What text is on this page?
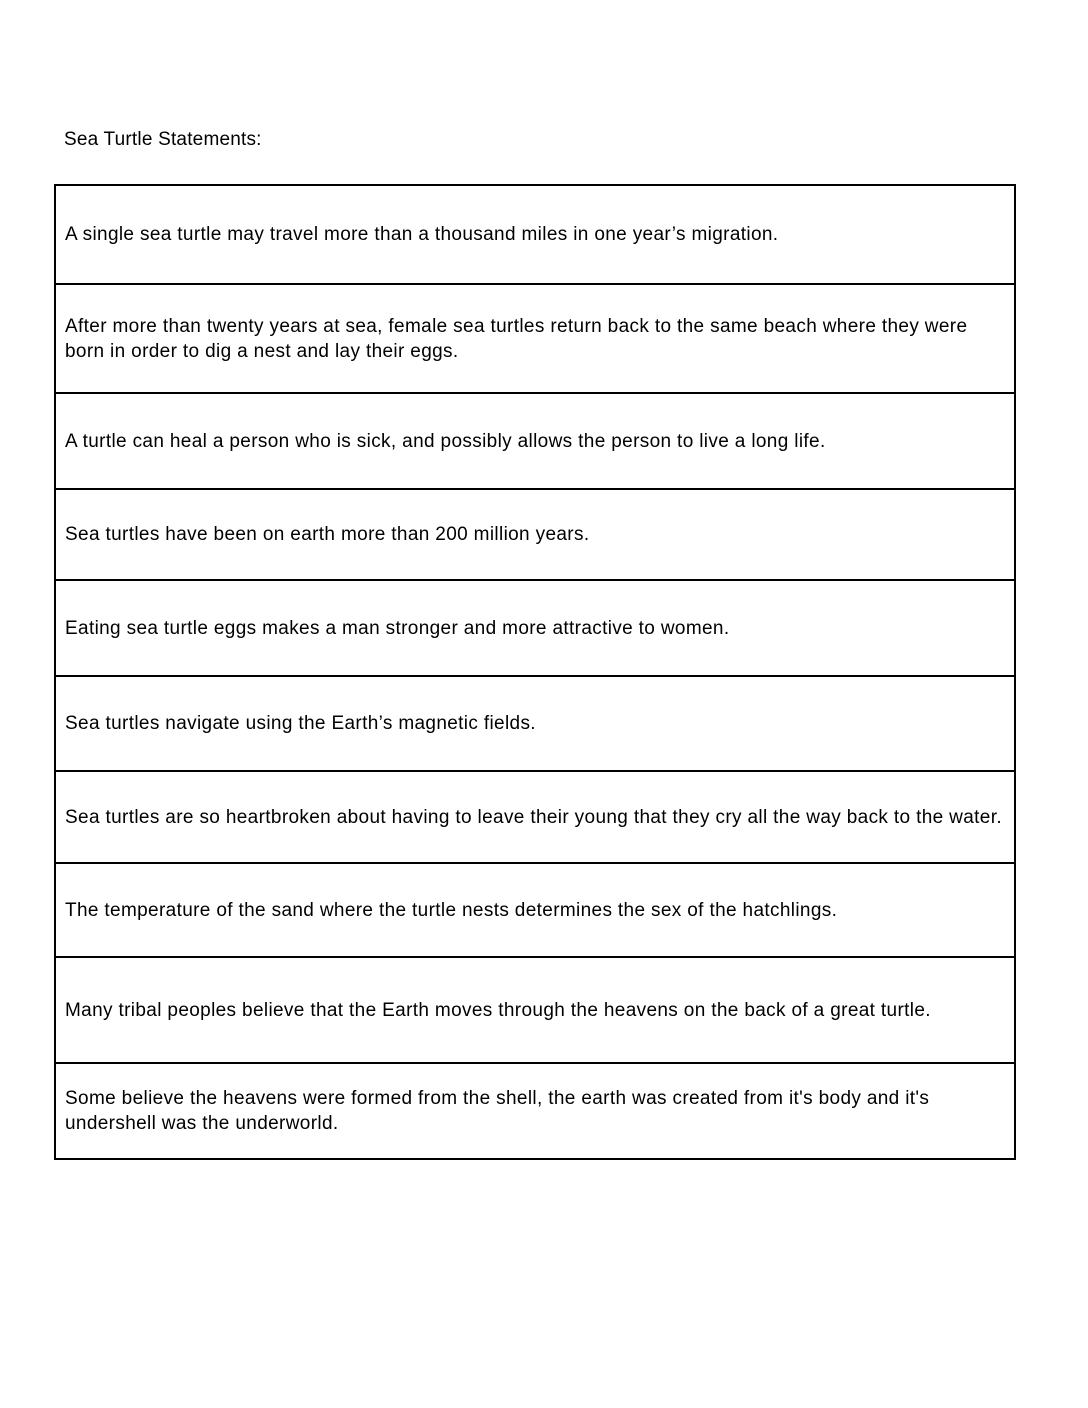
Sea Turtle Statements:
A single sea turtle may travel more than a thousand miles in one year’s migration.
After more than twenty years at sea, female sea turtles return back to the same beach where they were born in order to dig a nest and lay their eggs.
A turtle can heal a person who is sick, and possibly allows the person to live a long life.
Sea turtles have been on earth more than 200 million years.
Eating sea turtle eggs makes a man stronger and more attractive to women.
Sea turtles navigate using the Earth’s magnetic fields.
Sea turtles are so heartbroken about having to leave their young that they cry all the way back to the water.
The temperature of the sand where the turtle nests determines the sex of the hatchlings.
Many tribal peoples believe that the Earth moves through the heavens on the back of a great turtle.
Some believe the heavens were formed from the shell, the earth was created from it's body and it's undershell was the underworld.
